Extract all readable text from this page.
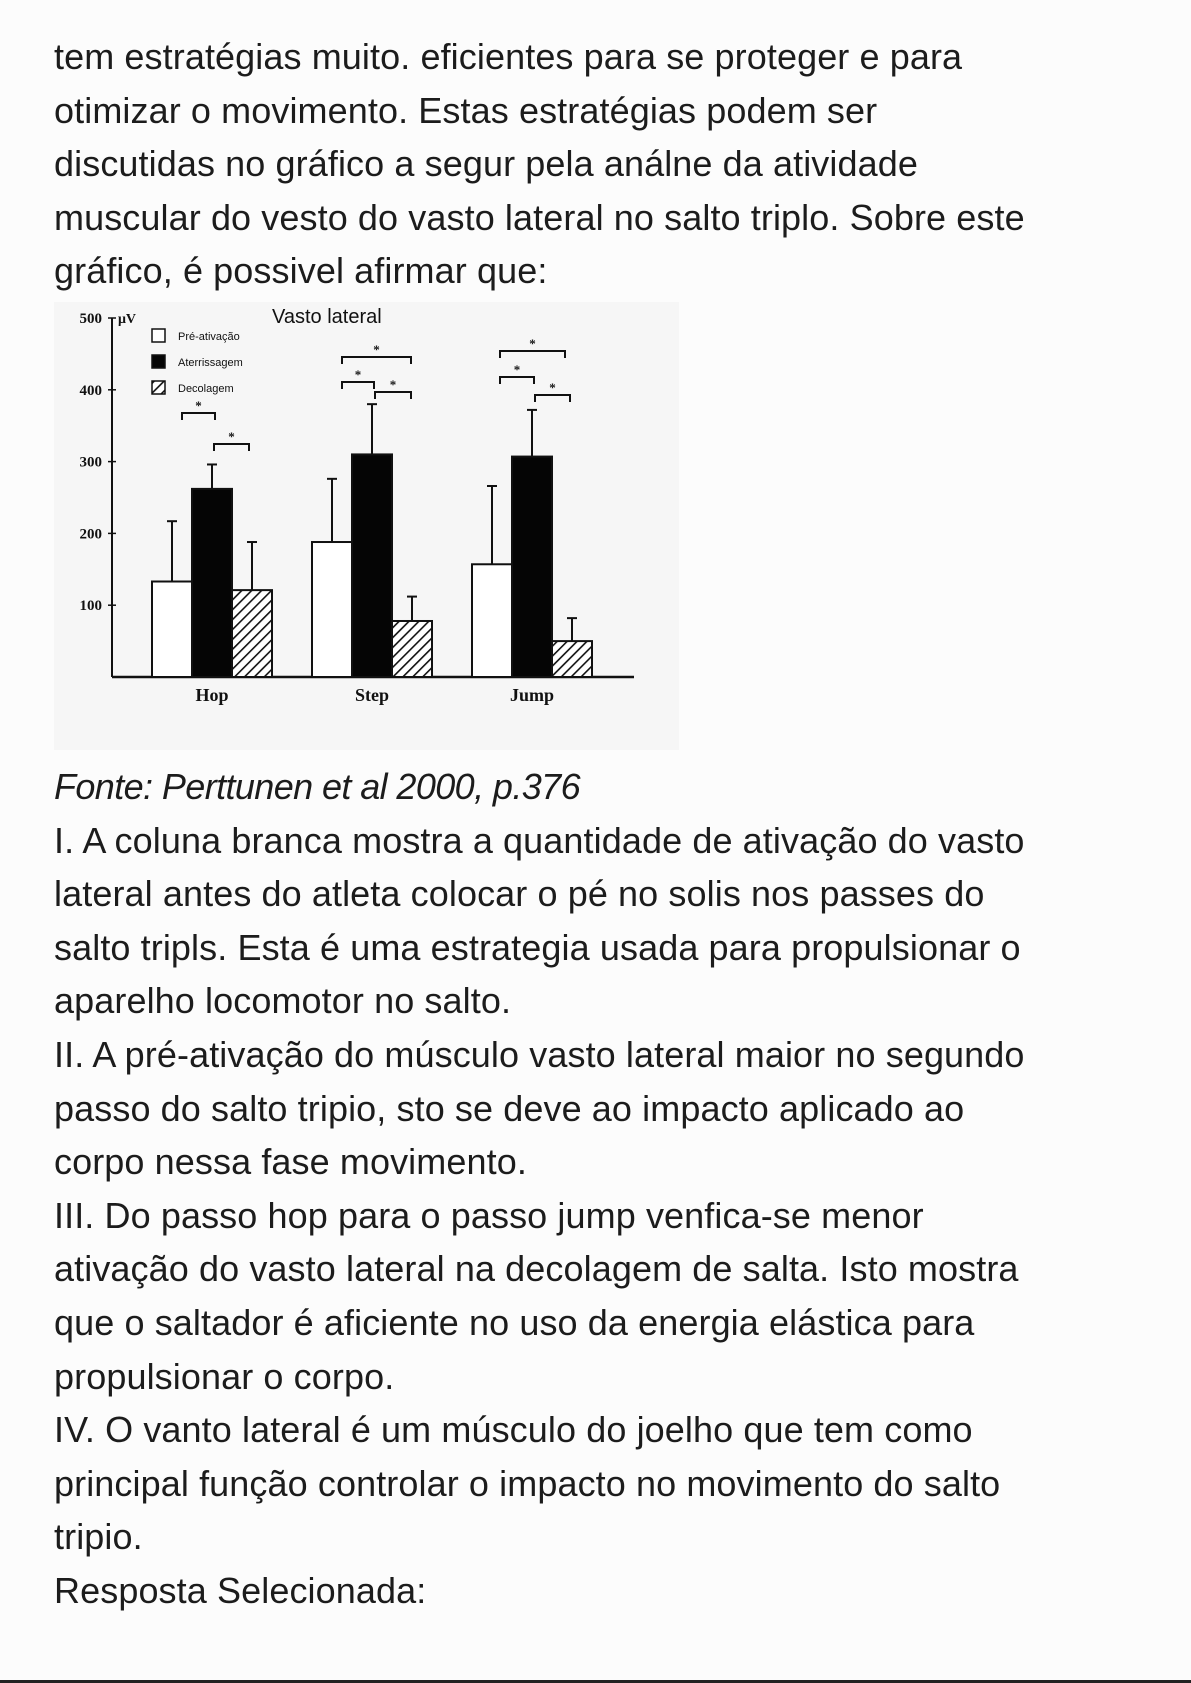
tem estratégias muito. eficientes para se proteger e para

otimizar o movimento. Estas estratégias podem ser

discutidas no gráfico a segur pela análne da atividade

muscular do vesto do vasto lateral no salto triplo. Sobre este

gráfico, é possivel afirmar que:

100
200
300
400
500 μV	Vasto lateral
Pré-ativação
Aterrissagem
Decolagem
Hop	Step	Jump
*
*
*
*
*
*
*
*

Fonte: Perttunen et al 2000, p.376

I. A coluna branca mostra a quantidade de ativação do vasto

lateral antes do atleta colocar o pé no solis nos passes do

salto tripls. Esta é uma estrategia usada para propulsionar o

aparelho locomotor no salto.

II. A pré-ativação do músculo vasto lateral maior no segundo

passo do salto tripio, sto se deve ao impacto aplicado ao

corpo nessa fase movimento.

III. Do passo hop para o passo jump venfica-se menor

ativação do vasto lateral na decolagem de salta. Isto mostra

que o saltador é aficiente no uso da energia elástica para

propulsionar o corpo.

IV. O vanto lateral é um músculo do joelho que tem como

principal função controlar o impacto no movimento do salto

tripio.

Resposta Selecionada:
